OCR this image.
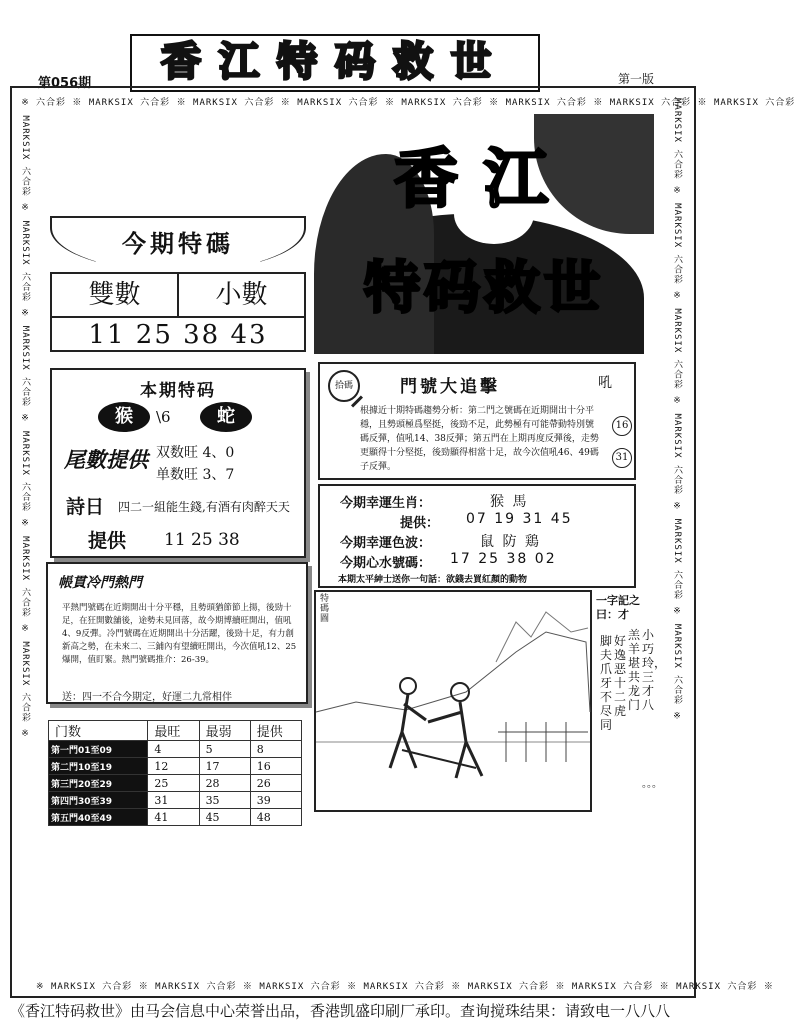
香江特码救世
第056期	第一版
六合彩 ※ MARKSIX 六合彩 ※ MARKSIX 六合彩 ※ MARKSIX 六合彩 ※ MARKSIX 六合彩 ※ MARKSIX 六合彩 ※ MARKSIX 六合彩 ※ MARKSIX 六合彩
※ MARKSIX 六合彩 ※ MARKSIX 六合彩 ※ MARKSIX 六合彩 ※ MARKSIX 六合彩 ※ MARKSIX 六合彩 ※ MARKSIX 六合彩 ※ MARKSIX 六合彩 ※
※ MARKSIX 六合彩 ※ MARKSIX 六合彩 ※ MARKSIX 六合彩 ※ MARKSIX 六合彩 ※ MARKSIX 六合彩 ※ MARKSIX 六合彩 ※	MARKSIX 六合彩 ※ MARKSIX 六合彩 ※ MARKSIX 六合彩 ※ MARKSIX 六合彩 ※ MARKSIX 六合彩 ※ MARKSIX 六合彩 ※
香江
特码救世
今期特碼
雙數	小數
11 25 38 43
本期特码
猴	\6	蛇
尾數提供 双数旺 4、0
单数旺 3、7
詩日 四二一組能生錢,有酒有肉醉天天
提供 11 25 38
拾碼	門號大追擊	吼
根據近十期特碼趨勢分析：第二門之號碼在近期開出十分平穩，且勢頭極爲堅挺，後勁不足，此勢極有可能帶動特別號碼反彈，值吼14、38反彈；第五門在上期再度反彈後，走勢更顯得十分堅挺，後勁顯得相當十足，故今次值吼46、49碼子反彈。
16
31
今期幸運生肖：	猴 馬
提供： 07 19 31 45
今期幸運色波：	鼠 防 鶏
今期心水號碼： 17 25 38 02
本期太平紳士送你一句話：欲錢去買紅顏的動物
帳貫冷門熱門
平熱門號碼在近期開出十分平穩，且勢頭猶節節上揚，後勁十足，在狂開數舖後，途勢未見回落，故今期博續旺開出，值吼4、9反彈。冷門號碼在近期開出十分活躍，後勁十足，有力創新高之勢，在未來二、三鋪內有望續旺開出，今次值吼12、25爆開，值盯緊。熱門號碼推介：26-39。
送：四一不合今期定，好運二九常相伴
门数	最旺	最弱	提供
第一門01至09	4	5	8
第二門10至19	12	17	16
第三門20至29	25	28	26
第四門30至39	31	35	39
第五門40至49	41	45	48
特碼圖
一字記之曰：才
小巧玲，三才八
羔羊堪共龙门
好逸恶十二虎
脚夫爪牙不尽同
。。。
《香江特码救世》由马会信息中心荣誉出品，香港凯盛印刷厂承印。查询搅珠结果：请致电一八八八
